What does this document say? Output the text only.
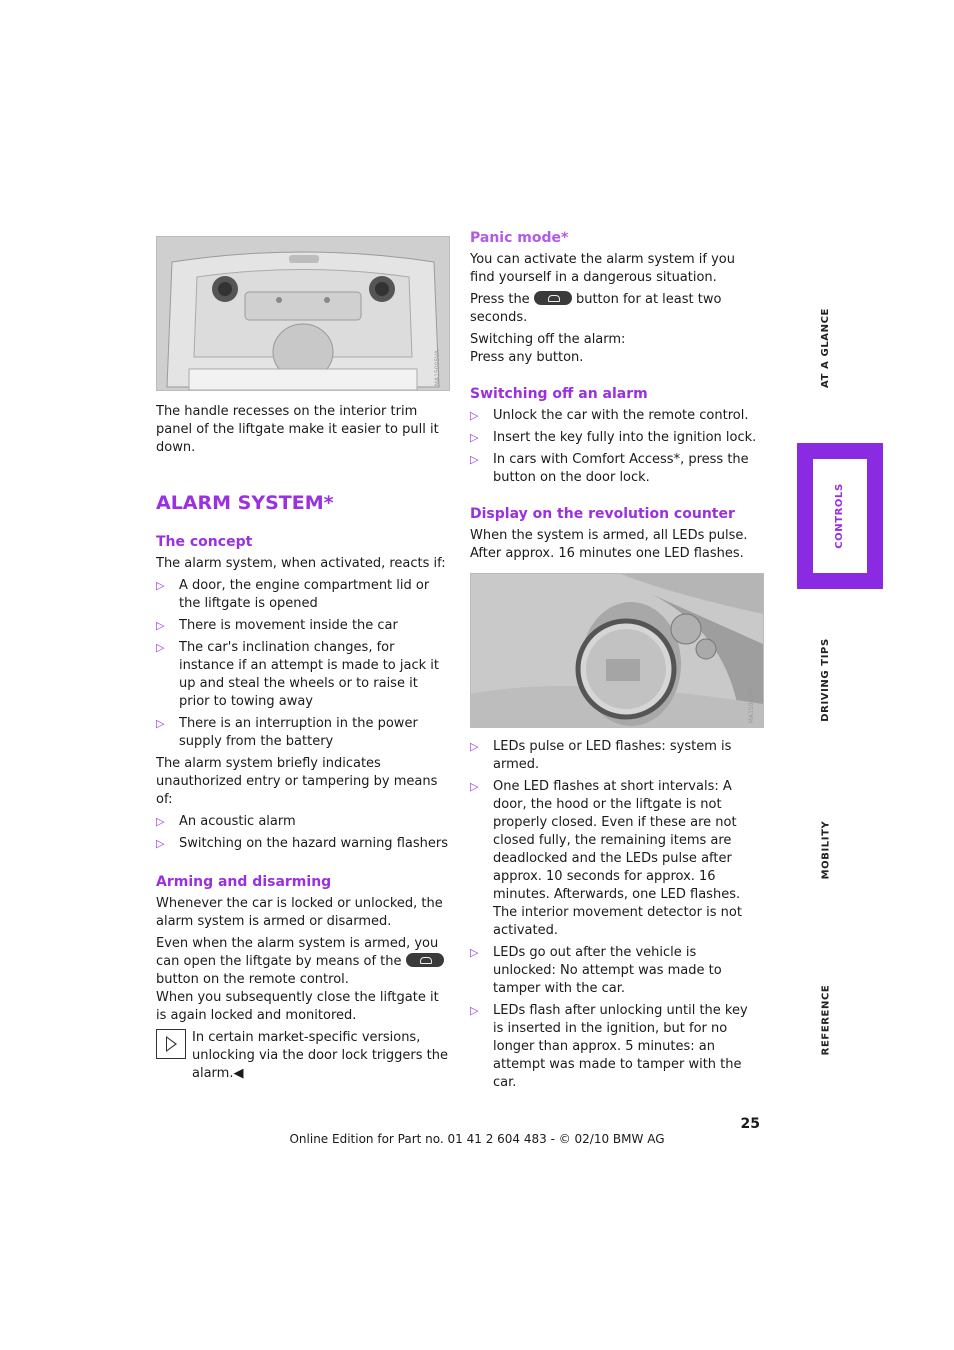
MA15005VA

The handle recesses on the interior trim panel of the liftgate make it easier to pull it down.

ALARM SYSTEM*
The concept

The alarm system, when activated, reacts if:

▷ A door, the engine compartment lid or the liftgate is opened
▷ There is movement inside the car
▷ The car's inclination changes, for instance if an attempt is made to jack it up and steal the wheels or to raise it prior to towing away
▷ There is an interruption in the power supply from the battery

The alarm system briefly indicates unauthorized entry or tampering by means of:

▷ An acoustic alarm
▷ Switching on the hazard warning flashers
Arming and disarming

Whenever the car is locked or unlocked, the alarm system is armed or disarmed.

Even when the alarm system is armed, you can open the liftgate by means of the  button on the remote control.

When you subsequently close the liftgate it is again locked and monitored.

In certain market-specific versions, unlocking via the door lock triggers the alarm.◀
Panic mode*

You can activate the alarm system if you find yourself in a dangerous situation.

Press the	button for at least two seconds.

Switching off the alarm:

Press any button.

Switching off an alarm
▷ Unlock the car with the remote control.
▷ Insert the key fully into the ignition lock.
▷ In cars with Comfort Access*, press the button on the door lock.
Display on the revolution counter

When the system is armed, all LEDs pulse. After approx. 16 minutes one LED flashes.

MA15003VA
▷ LEDs pulse or LED flashes: system is armed.
▷ One LED flashes at short intervals: A door, the hood or the liftgate is not properly closed. Even if these are not closed fully, the remaining items are deadlocked and the LEDs pulse after approx. 10 seconds for approx. 16 minutes. Afterwards, one LED flashes. The interior movement detector is not activated.
▷ LEDs go out after the vehicle is unlocked: No attempt was made to tamper with the car.
▷ LEDs flash after unlocking until the key is inserted in the ignition, but for no longer than approx. 5 minutes: an attempt was made to tamper with the car.
AT A GLANCE
CONTROLS
DRIVING TIPS
MOBILITY
REFERENCE
25
Online Edition for Part no. 01 41 2 604 483 - © 02/10 BMW AG
